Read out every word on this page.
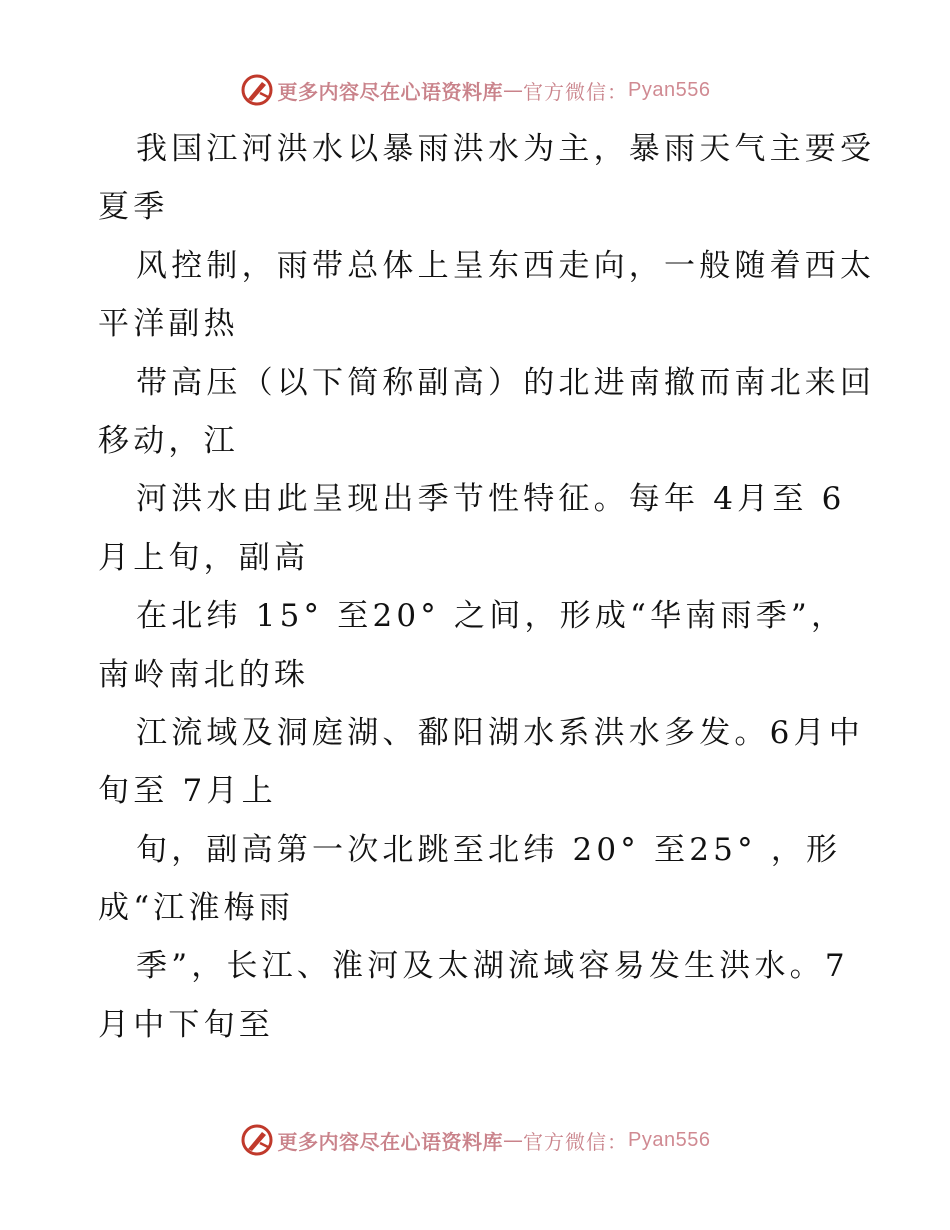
更多内容尽在心语资料库 — 官方微信： Pyan556
我国江河洪水以暴雨洪水为主，暴雨天气主要受
夏季
风控制，雨带总体上呈东西走向，一般随着西太
平洋副热
带高压（以下简称副高）的北进南撤而南北来回
移动，江
河洪水由此呈现出季节性特征。每年 4月至 6
月上旬，副高
在北纬 15° 至20° 之间，形成“华南雨季”，
南岭南北的珠
江流域及洞庭湖、鄱阳湖水系洪水多发。6月中
旬至 7月上
旬，副高第一次北跳至北纬 20° 至25° ，形
成“江淮梅雨
季”，长江、淮河及太湖流域容易发生洪水。7
月中下旬至
更多内容尽在心语资料库 — 官方微信： Pyan556
